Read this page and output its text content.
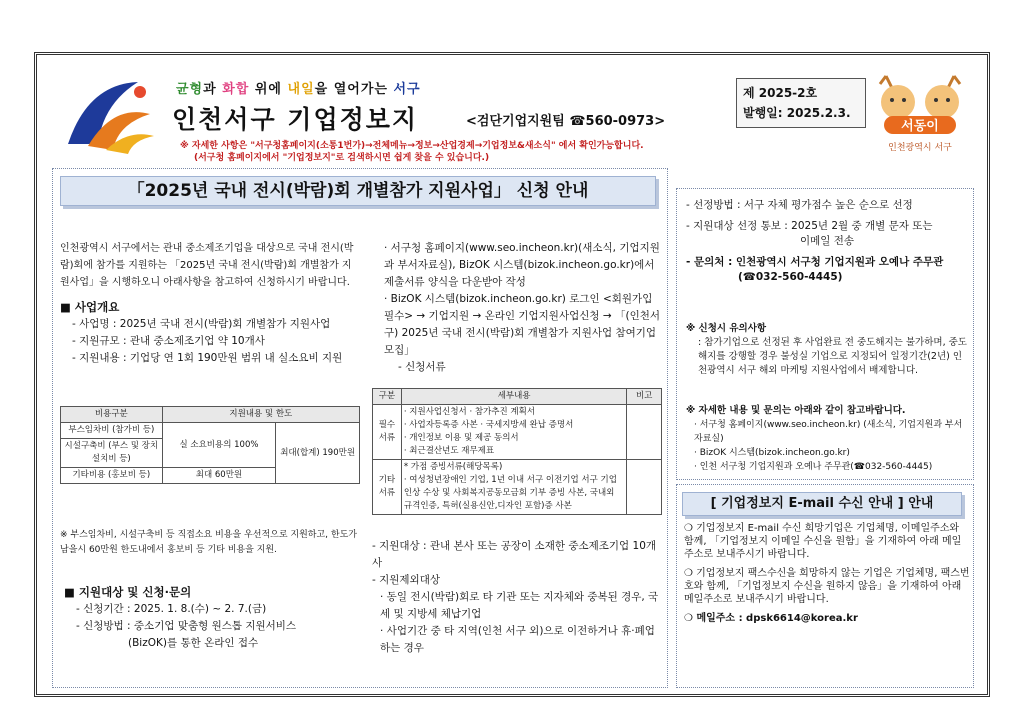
균형과 화합 위에 내일을 열어가는 서구
인천서구 기업정보지	<검단기업지원팀 ☎560-0973>
※ 자세한 사항은 "서구청홈페이지(소통1번가)→전체메뉴→정보→산업경제→기업정보&새소식" 에서 확인가능합니다.
(서구청 홈페이지에서 "기업정보지"로 검색하시면 쉽게 찾을 수 있습니다.)
제 2025-2호
발행일: 2025.2.3.
서동이
인천광역시 서구
「2025년 국내 전시(박람)회 개별참가 지원사업」 신청 안내
인천광역시 서구에서는 관내 중소제조기업을 대상으로 국내 전시(박람)회에 참가를 지원하는 「2025년 국내 전시(박람)회 개별참가 지원사업」을 시행하오니 아래사항을 참고하여 신청하시기 바랍니다.
■ 사업개요
- 사업명 : 2025년 국내 전시(박람)회 개별참가 지원사업
- 지원규모 : 관내 중소제조기업 약 10개사
- 지원내용 : 기업당 연 1회 190만원 범위 내 실소요비 지원
비용구분	지원내용 및 한도	
부스임차비 (참가비 등)	실 소요비용의 100%	최대(합계) 190만원
시설구축비 (부스 및 장치 설치비 등)		
기타비용 (홍보비 등)	최대 60만원	
※ 부스임차비, 시설구축비 등 직접소요 비용을 우선적으로 지원하고, 한도가 남을시 60만원 한도내에서 홍보비 등 기타 비용을 지원.
■ 지원대상 및 신청·문의
- 신청기간 : 2025. 1. 8.(수) ~ 2. 7.(금)
- 신청방법 : 중소기업 맞춤형 원스톱 지원서비스
(BizOK)를 통한 온라인 접수
· 서구청 홈페이지(www.seo.incheon.kr)(새소식, 기업지원과 부서자료실), BizOK 시스템(bizok.incheon.go.kr)에서 제출서류 양식을 다운받아 작성
· BizOK 시스템(bizok.incheon.go.kr) 로그인 <회원가입 필수> → 기업지원 → 온라인 기업지원사업신청 → 「(인천서구) 2025년 국내 전시(박람)회 개별참가 지원사업 참여기업 모집」
- 신청서류
구분	세부내용	비고
필수 서류	· 지원사업신청서 · 참가추진 계획서
· 사업자등록증 사본 · 국세지방세 완납 증명서
· 개인정보 이용 및 제공 동의서
· 최근결산년도 재무제표	

기타 서류	* 가점 증빙서류(해당목록)
· 여성청년장애인 기업, 1년 이내 서구 이전기업 서구 기업인상 수상 및 사회복지공동모금회 기부 증빙 사본, 국내외 규격인증, 특허(실용신안,디자인 포함)증 사본	

- 지원대상 : 관내 본사 또는 공장이 소재한 중소제조기업 10개사
- 지원제외대상
· 동일 전시(박람)회로 타 기관 또는 지자체와 중복된 경우, 국세 및 지방세 체납기업
· 사업기간 중 타 지역(인천 서구 외)으로 이전하거나 휴·폐업 하는 경우
- 선정방법 : 서구 자체 평가점수 높은 순으로 선정
- 지원대상 선정 통보 : 2025년 2월 중 개별 문자 또는
이메일 전송
- 문의처 : 인천광역시 서구청 기업지원과 오예나 주무관
(☎032-560-4445)
※ 신청시 유의사항
: 참가기업으로 선정된 후 사업완료 전 중도해지는 불가하며, 중도해지를 강행할 경우 불성실 기업으로 지정되어 일정기간(2년) 인천광역시 서구 해외 마케팅 지원사업에서 배제합니다.
※ 자세한 내용 및 문의는 아래와 같이 참고바랍니다.
· 서구청 홈페이지(www.seo.incheon.kr) (새소식, 기업지원과 부서자료실)
· BizOK 시스템(bizok.incheon.go.kr)
· 인천 서구청 기업지원과 오예나 주무관(☎032-560-4445)
[ 기업정보지 E-mail 수신 안내 ] 안내
❍ 기업정보지 E-mail 수신 희망기업은 기업체명, 이메일주소와 함께, 「기업정보지 이메일 수신을 원함」을 기재하여 아래 메일주소로 보내주시기 바랍니다.
❍ 기업정보지 팩스수신을 희망하지 않는 기업은 기업체명, 팩스번호와 함께, 「기업정보지 수신을 원하지 않음」을 기재하여 아래 메일주소로 보내주시기 바랍니다.
❍ 메일주소 : dpsk6614@korea.kr
